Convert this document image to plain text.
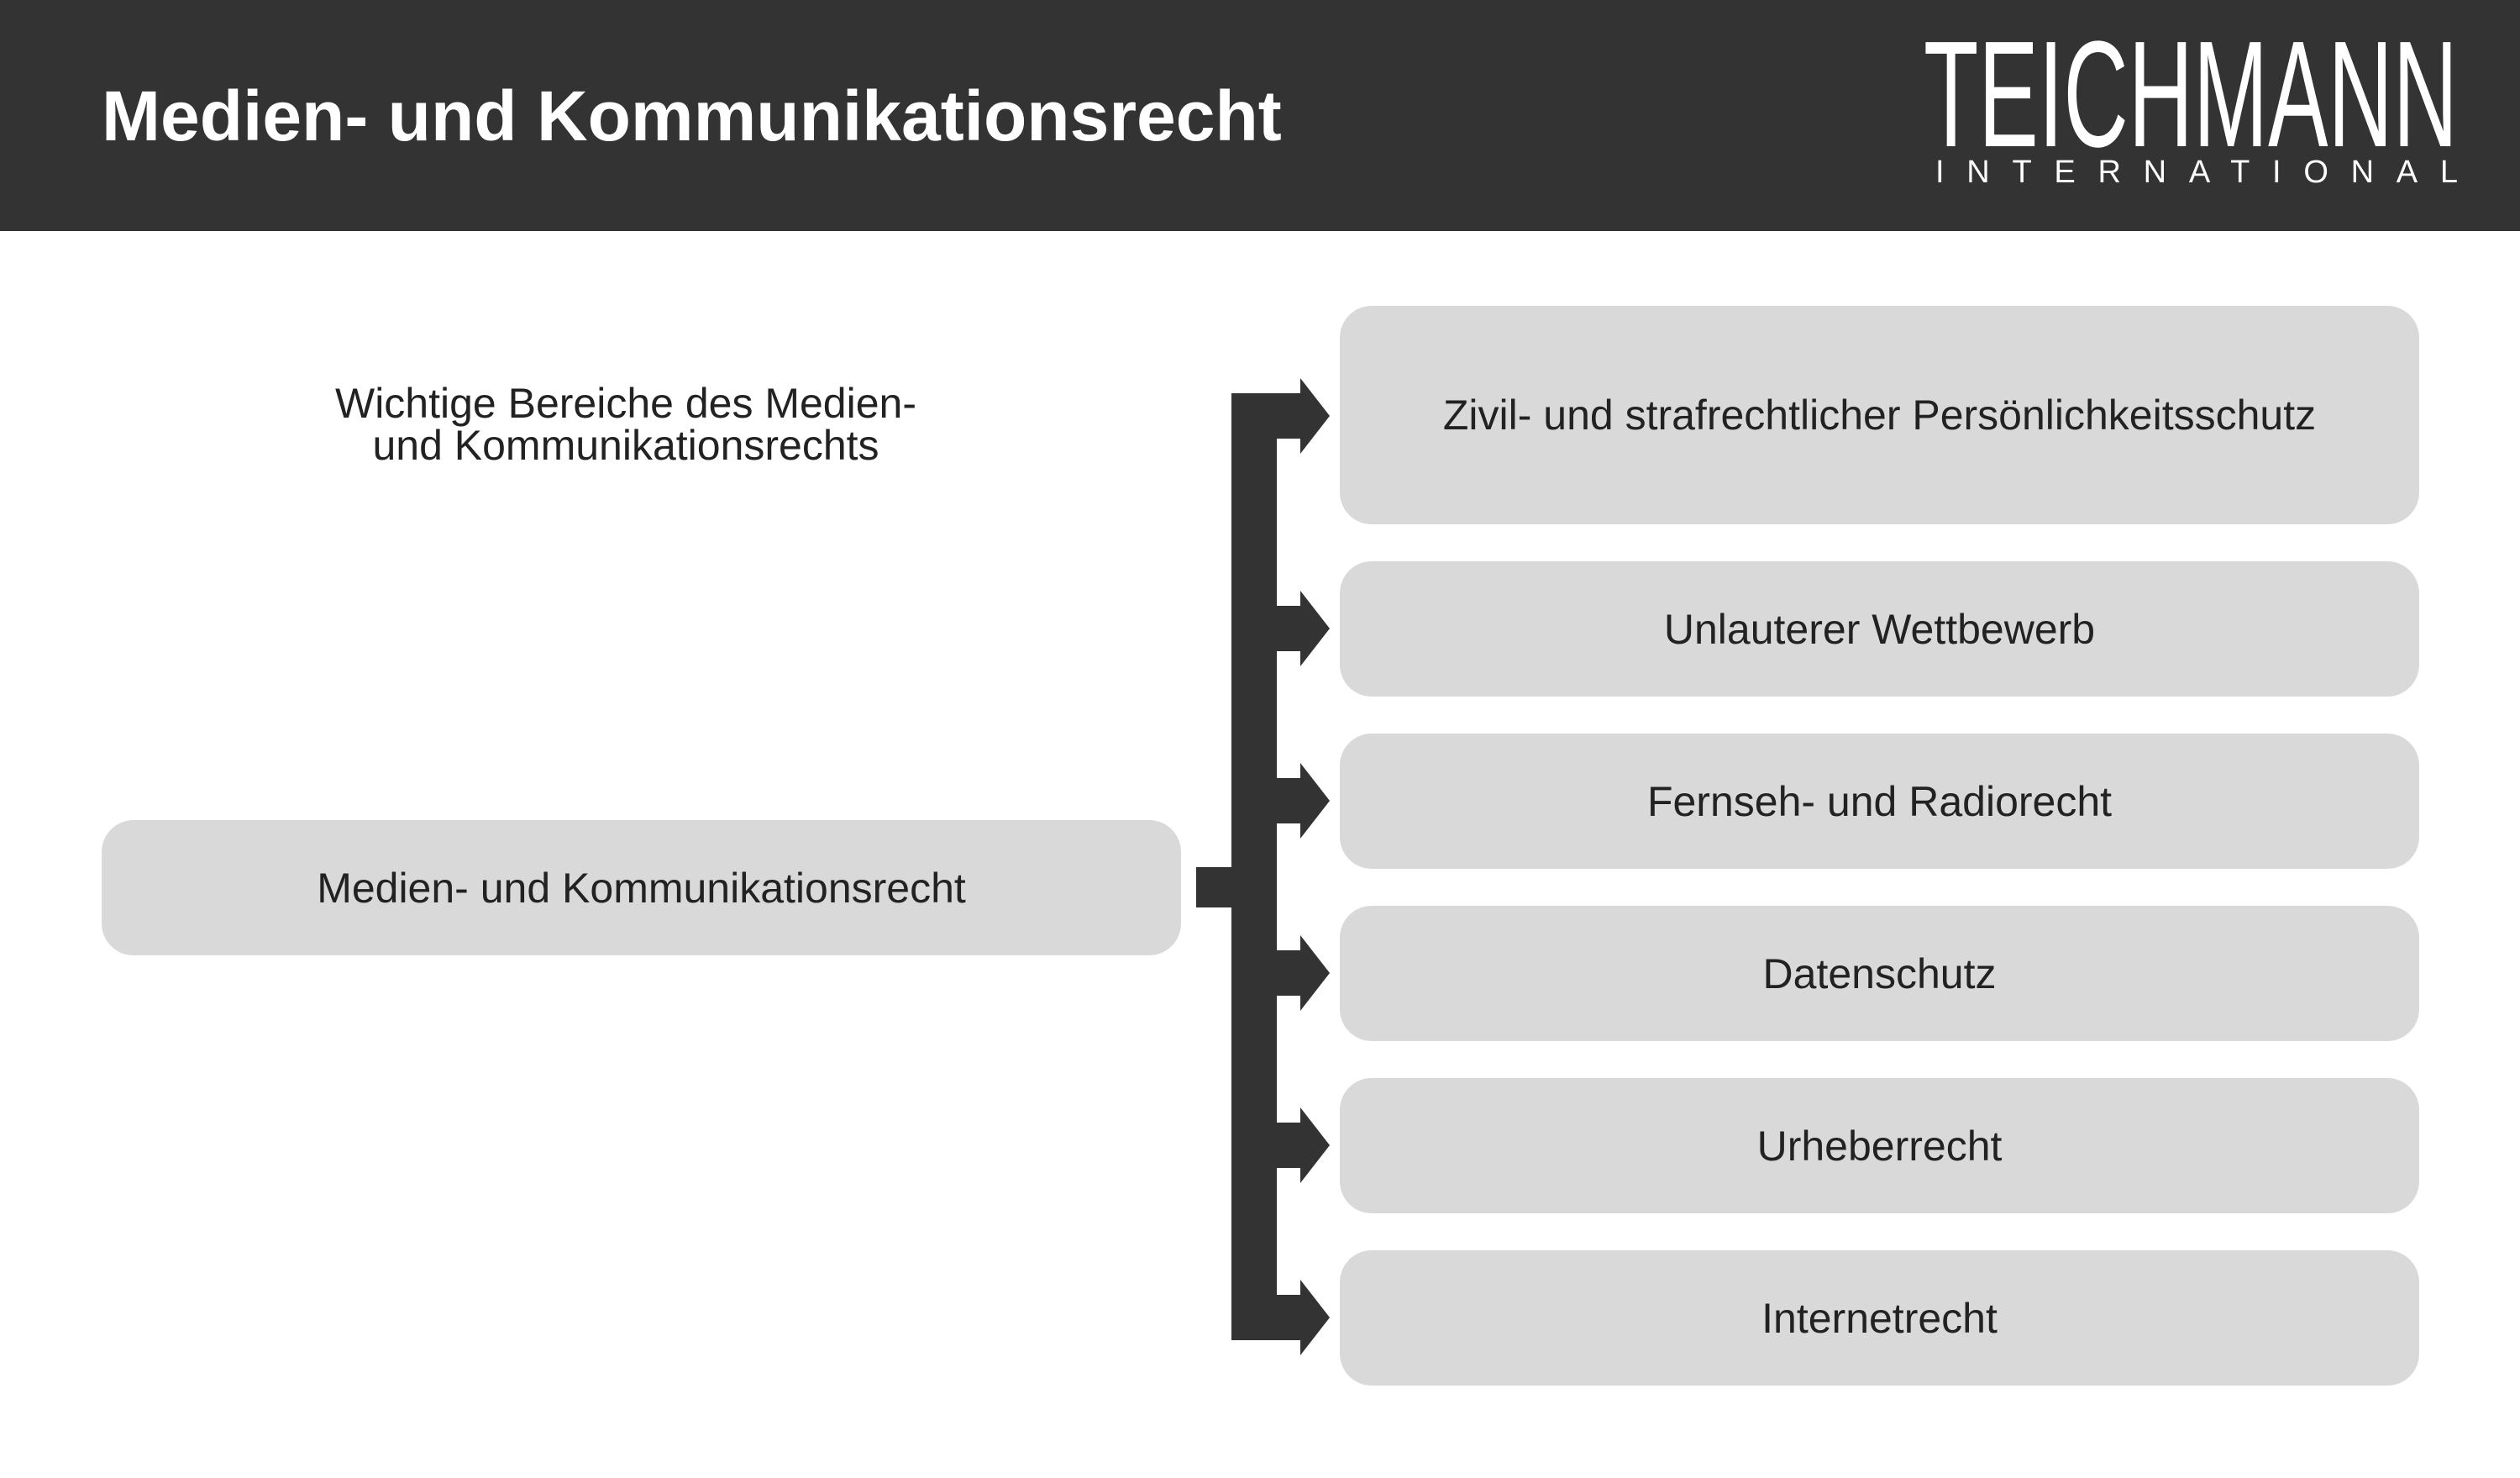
Medien- und Kommunikationsrecht	TEICHMANN
INTERNATIONAL
Wichtige Bereiche des Medien-
und Kommunikationsrechts
Medien- und Kommunikationsrecht
Zivil- und strafrechtlicher Persönlichkeitsschutz
Unlauterer Wettbewerb
Fernseh- und Radiorecht
Datenschutz
Urheberrecht
Internetrecht
